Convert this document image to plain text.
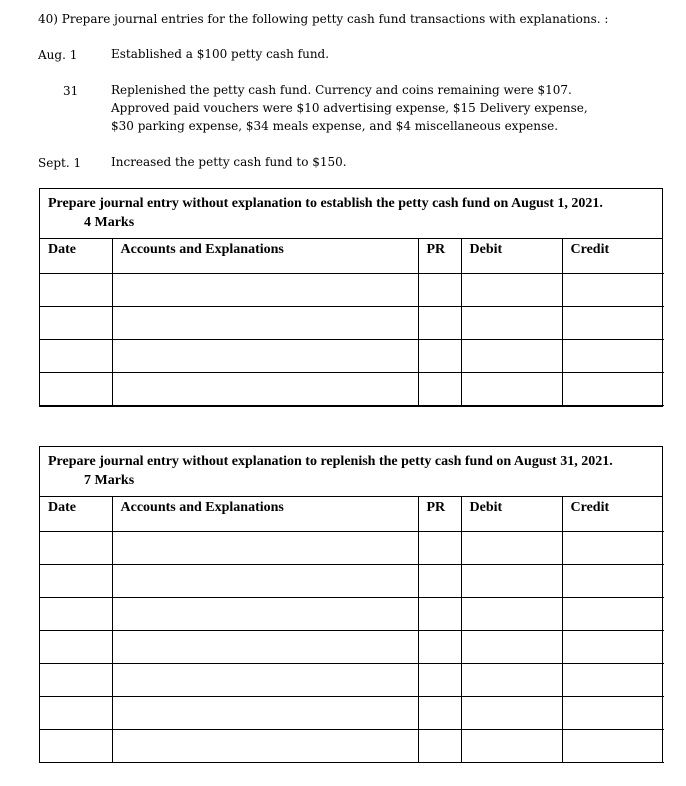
40) Prepare journal entries for the following petty cash fund transactions with explanations. :
Aug. 1	Established a $100 petty cash fund.
31	Replenished the petty cash fund. Currency and coins remaining were $107.
Approved paid vouchers were $10 advertising expense, $15 Delivery expense,
$30 parking expense, $34 meals expense, and $4 miscellaneous expense.
Sept. 1 Increased the petty cash fund to $150.
Prepare journal entry without explanation to establish the petty cash fund on August 1, 2021.
4 Marks
Date	Accounts and Explanations	PR	Debit	Credit

Prepare journal entry without explanation to replenish the petty cash fund on August 31, 2021.
7 Marks
Date	Accounts and Explanations	PR	Debit	Credit
